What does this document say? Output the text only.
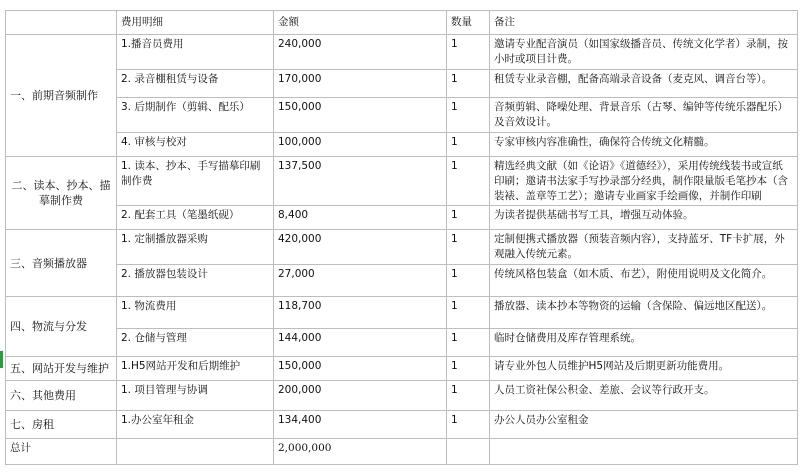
	费用明细	金额	数量	备注
一、前期音频制作	1.播音员费用	240,000	1	邀请专业配音演员（如国家级播音员、传统文化学者）录制，按小时或项目计费。
	2. 录音棚租赁与设备	170,000	1	租赁专业录音棚，配备高端录音设备（麦克风、调音台等）。
	3. 后期制作（剪辑、配乐）	150,000	1	音频剪辑、降噪处理、背景音乐（古琴、编钟等传统乐器配乐）及音效设计。
	4. 审核与校对	100,000	1	专家审核内容准确性，确保符合传统文化精髓。
二、读本、抄本、描摹制作费	1. 读本、抄本、手写描摹印刷制作费	137,500	1	精选经典文献（如《论语》《道德经》），采用传统线装书或宣纸印刷；邀请书法家手写抄录部分经典，制作限量版毛笔抄本（含装裱、盖章等工艺）；邀请专业画家手绘画像，并制作印刷

	2. 配套工具（笔墨纸砚）	8,400	1	为读者提供基础书写工具，增强互动体验。
三、音频播放器	1. 定制播放器采购	420,000	1	定制便携式播放器（预装音频内容），支持蓝牙、TF卡扩展，外观融入传统元素。
	2. 播放器包装设计	27,000	1	传统风格包装盒（如木质、布艺），附使用说明及文化简介。
四、物流与分发	1. 物流费用	118,700	1	播放器、读本抄本等物资的运输（含保险、偏远地区配送）。
	2. 仓储与管理	144,000	1	临时仓储费用及库存管理系统。
五、网站开发与维护	1.H5网站开发和后期维护	150,000	1	请专业外包人员维护H5网站及后期更新功能费用。
六、其他费用	1. 项目管理与协调	200,000	1	人员工资社保公积金、差旅、会议等行政开支。
七、房租	1.办公室年租金	134,400	1	办公人员办公室租金
总计		2,000,000		
